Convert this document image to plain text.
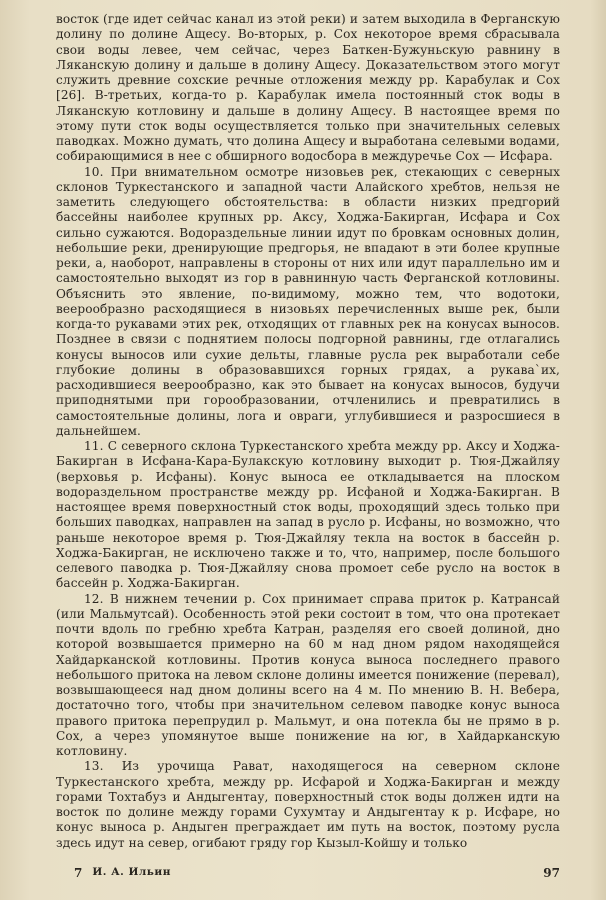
восток (где идет сейчас канал из этой реки) и затем выходила в Ферганскую долину по долине Ащесу. Во-вторых, р. Сох некоторое время сбрасывала свои воды левее, чем сейчас, через Баткен-Бужуньскую равнину в Ляканскую долину и дальше в долину Ащесу. Доказательством этого могут служить древние сохские речные отложения между рр. Карабулак и Сох [26]. В-третьих, когда-то р. Карабулак имела постоянный сток воды в Ляканскую котловину и дальше в долину Ащесу. В настоящее время по этому пути сток воды осуществляется только при значительных селевых паводках. Можно думать, что долина Ащесу и выработана селевыми водами, собирающимися в нее с обширного водосбора в междуречье Сох — Исфара.

10. При внимательном осмотре низовьев рек, стекающих с северных склонов Туркестанского и западной части Алайского хребтов, нельзя не заметить следующего обстоятельства: в области низких предгорий бассейны наиболее крупных рр. Аксу, Ходжа-Бакирган, Исфара и Сох сильно сужаются. Водораздельные линии идут по бровкам основных долин, небольшие реки, дренирующие предгорья, не впадают в эти более крупные реки, а, наоборот, направлены в стороны от них или идут параллельно им и самостоятельно выходят из гор в равнинную часть Ферганской котловины. Объяснить это явление, по-видимому, можно тем, что водотоки, веерообразно расходящиеся в низовьях перечисленных выше рек, были когда-то рукавами этих рек, отходящих от главных рек на конусах выносов. Позднее в связи с поднятием полосы подгорной равнины, где отлагались конусы выносов или сухие дельты, главные русла рек выработали себе глубокие долины в образовавшихся горных грядах, а рукава`их, расходившиеся веерообразно, как это бывает на конусах выносов, будучи приподнятыми при горообразовании, отчленились и превратились в самостоятельные долины, лога и овраги, углубившиеся и разросшиеся в дальнейшем.

11. С северного склона Туркестанского хребта между рр. Аксу и Ходжа-Бакирган в Исфана-Кара-Булакскую котловину выходит р. Тюя-Джайляу (верховья р. Исфаны). Конус выноса ее откладывается на плоском водораздельном пространстве между рр. Исфаной и Ходжа-Бакирган. В настоящее время поверхностный сток воды, проходящий здесь только при больших паводках, направлен на запад в русло р. Исфаны, но возможно, что раньше некоторое время р. Тюя-Джайляу текла на восток в бассейн р. Ходжа-Бакирган, не исключено также и то, что, например, после большого селевого паводка р. Тюя-Джайляу снова промоет себе русло на восток в бассейн р. Ходжа-Бакирган.

12. В нижнем течении р. Сох принимает справа приток р. Катрансай (или Мальмутсай). Особенность этой реки состоит в том, что она протекает почти вдоль по гребню хребта Катран, разделяя его своей долиной, дно которой возвышается примерно на 60 м над дном рядом находящейся Хайдарканской котловины. Против конуса выноса последнего правого небольшого притока на левом склоне долины имеется понижение (перевал), возвышающееся над дном долины всего на 4 м. По мнению В. Н. Вебера, достаточно того, чтобы при значительном селевом паводке конус выноса правого притока перепрудил р. Мальмут, и она потекла бы не прямо в р. Сох, а через упомянутое выше понижение на юг, в Хайдарканскую котловину.

13. Из урочища Рават, находящегося на северном склоне Туркестанского хребта, между рр. Исфарой и Ходжа-Бакирган и между горами Тохтабуз и Андыгентау, поверхностный сток воды должен идти на восток по долине между горами Сухумтау и Андыгентау к р. Исфаре, но конус выноса р. Андыген преграждает им путь на восток, поэтому русла здесь идут на север, огибают гряду гор Кызыл-Койшу и только

7 И. А. Ильин	97
